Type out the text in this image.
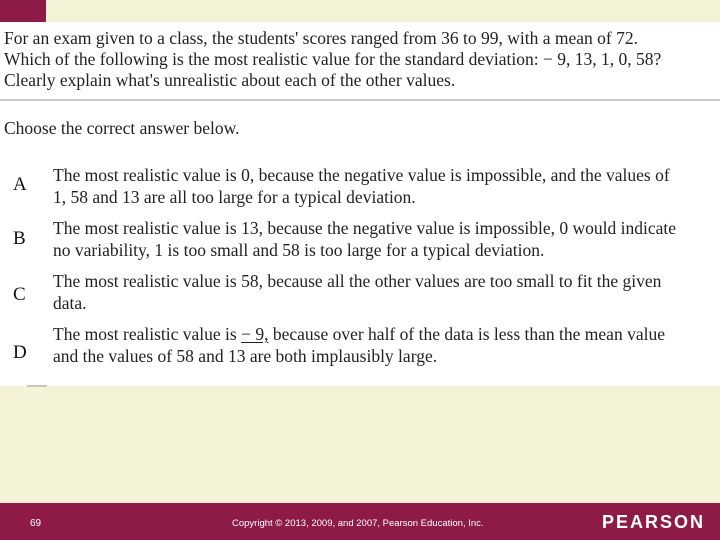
For an exam given to a class, the students' scores ranged from 36 to 99, with a mean of 72.
Which of the following is the most realistic value for the standard deviation: − 9, 13, 1, 0, 58?
Clearly explain what's unrealistic about each of the other values.

Choose the correct answer below.

A The most realistic value is 0, because the negative value is impossible, and the values of
1, 58 and 13 are all too large for a typical deviation.

B The most realistic value is 13, because the negative value is impossible, 0 would indicate
no variability, 1 is too small and 58 is too large for a typical deviation.

C

The most realistic value is 58, because all the other values are too small to fit the given
data.

D

The most realistic value is − 9, because over half of the data is less than the mean value
and the values of 58 and 13 are both implausibly large.

69	Copyright © 2013, 2009, and 2007, Pearson Education, Inc.	PEARSON
